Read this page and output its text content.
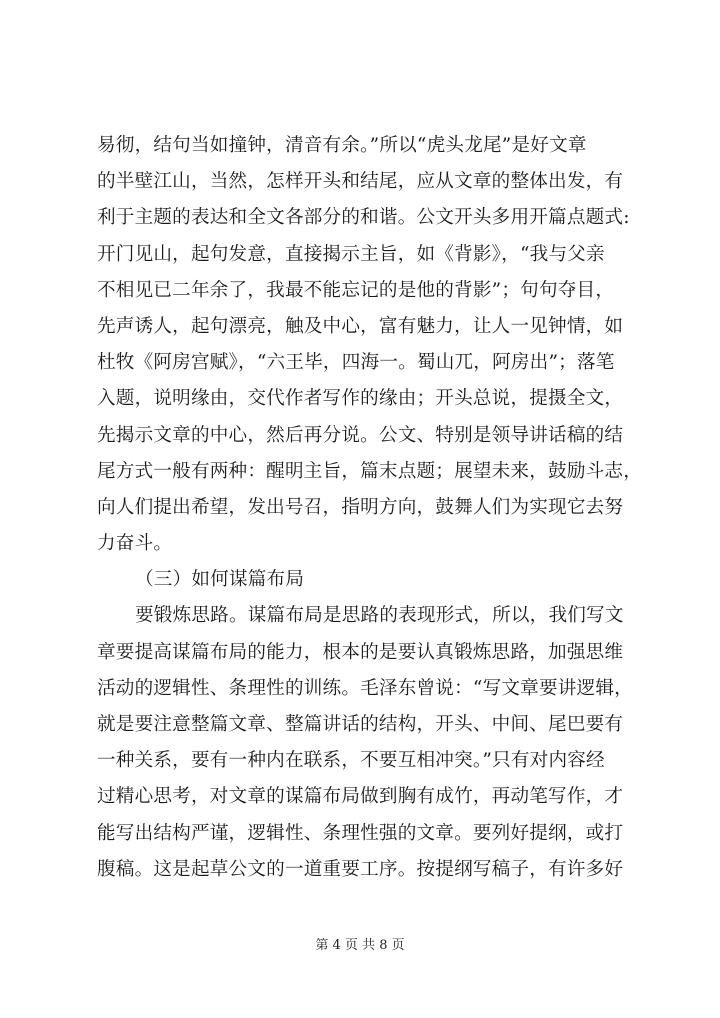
易彻，结句当如撞钟，清音有余。”所以“虎头龙尾”是好文章
的半壁江山，当然，怎样开头和结尾，应从文章的整体出发，有
利于主题的表达和全文各部分的和谐。公文开头多用开篇点题式:
开门见山，起句发意，直接揭示主旨，如《背影》，“我与父亲
不相见已二年余了，我最不能忘记的是他的背影”；句句夺目，
先声诱人，起句漂亮，触及中心，富有魅力，让人一见钟情，如
杜牧《阿房宫赋》，“六王毕，四海一。蜀山兀，阿房出”；落笔
入题，说明缘由，交代作者写作的缘由；开头总说，提摄全文，
先揭示文章的中心，然后再分说。公文、特别是领导讲话稿的结
尾方式一般有两种：醒明主旨，篇末点题；展望未来，鼓励斗志，
向人们提出希望，发出号召，指明方向，鼓舞人们为实现它去努
力奋斗。
（三）如何谋篇布局
要锻炼思路。谋篇布局是思路的表现形式，所以，我们写文
章要提高谋篇布局的能力，根本的是要认真锻炼思路，加强思维
活动的逻辑性、条理性的训练。毛泽东曾说：“写文章要讲逻辑，
就是要注意整篇文章、整篇讲话的结构，开头、中间、尾巴要有
一种关系，要有一种内在联系，不要互相冲突。”只有对内容经
过精心思考，对文章的谋篇布局做到胸有成竹，再动笔写作，才
能写出结构严谨，逻辑性、条理性强的文章。要列好提纲，或打
腹稿。这是起草公文的一道重要工序。按提纲写稿子，有许多好
第 4 页 共 8 页
